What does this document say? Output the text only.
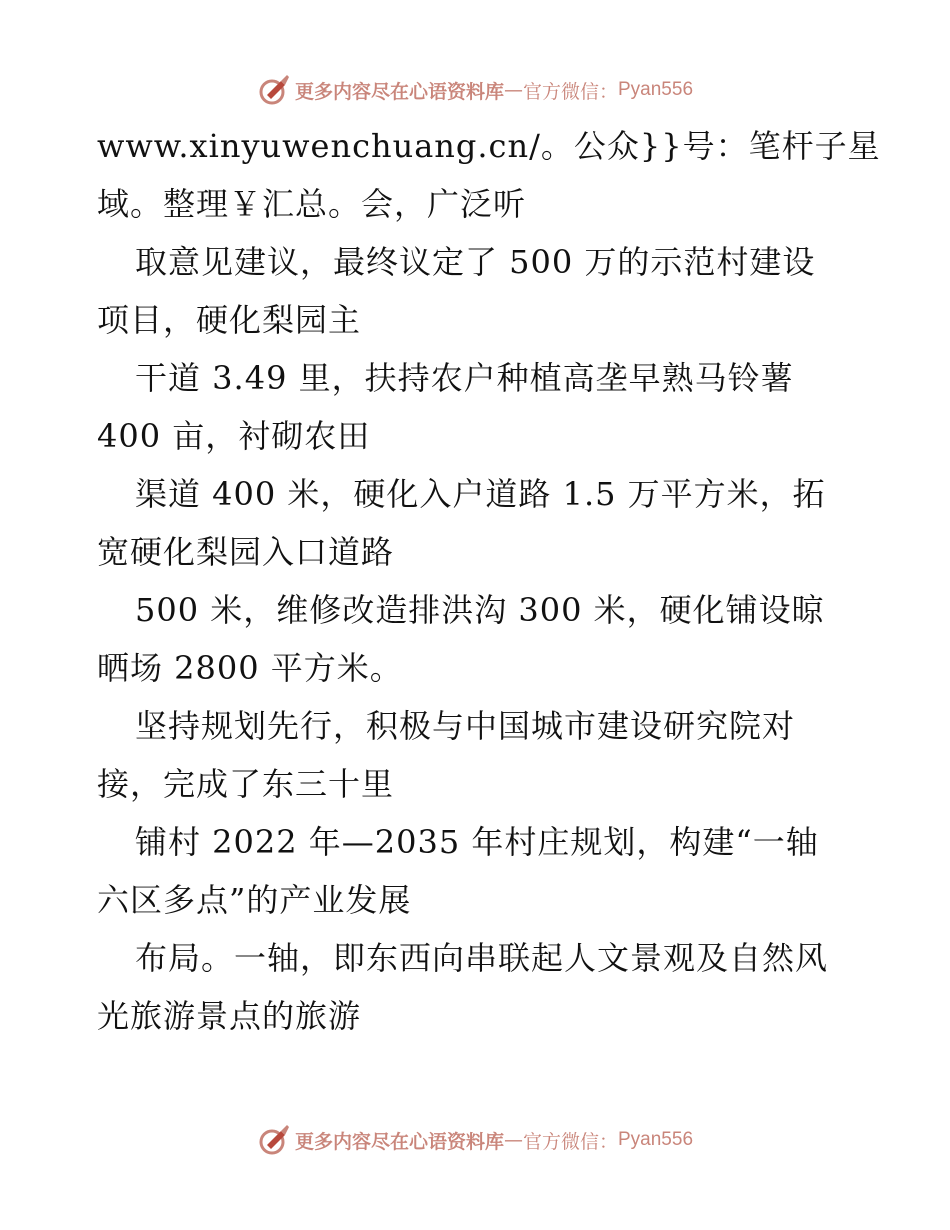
更多内容尽在心语资料库 — 官方微信： Pyan556
www.xinyuwenchuang.cn/。公众}}号：笔杆子星
域。整理￥汇总。会，广泛听
取意见建议，最终议定了 500 万的示范村建设
项目，硬化梨园主
干道 3.49 里，扶持农户种植高垄早熟马铃薯
400 亩，衬砌农田
渠道 400 米，硬化入户道路 1.5 万平方米，拓
宽硬化梨园入口道路
500 米，维修改造排洪沟 300 米，硬化铺设晾
晒场 2800 平方米。
坚持规划先行，积极与中国城市建设研究院对
接，完成了东三十里
铺村 2022 年—2035 年村庄规划，构建“一轴
六区多点”的产业发展
布局。一轴，即东西向串联起人文景观及自然风
光旅游景点的旅游
更多内容尽在心语资料库 — 官方微信： Pyan556
